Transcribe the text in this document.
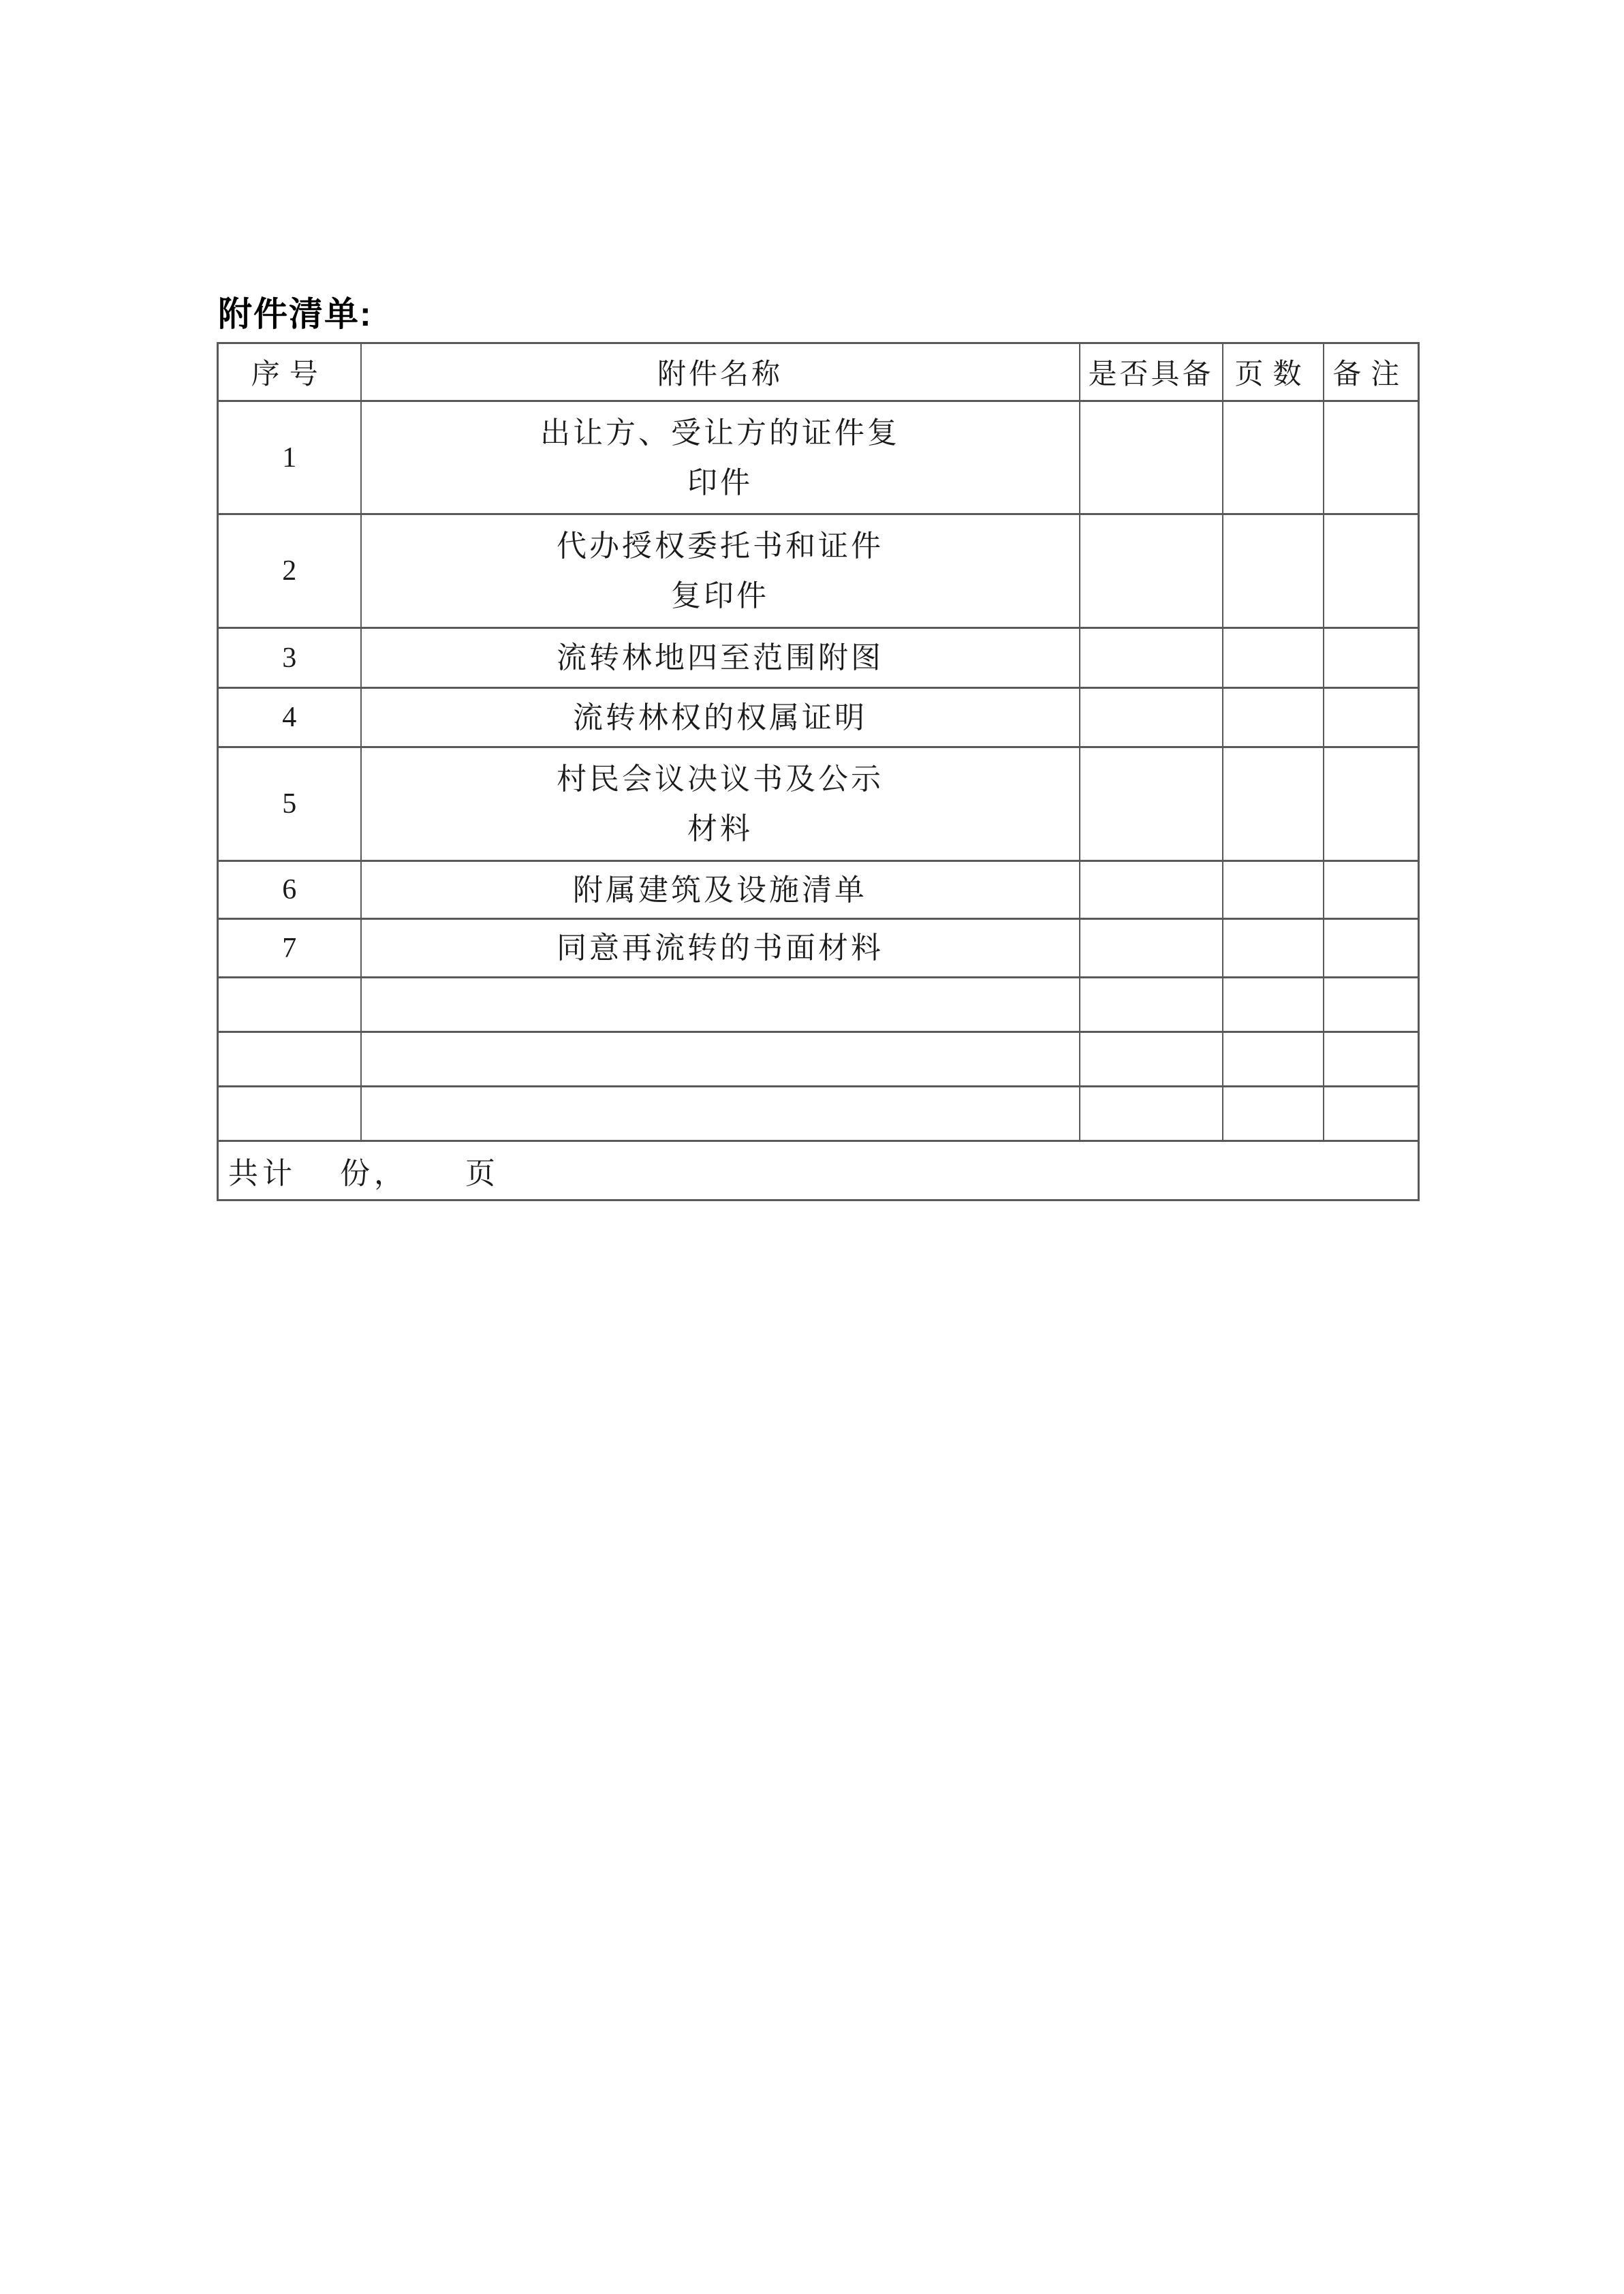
附件清单:
序号	附件名称	是否具备	页数	备注
1	出让方、受让方的证件复
印件			

2	代办授权委托书和证件
复印件			

3	流转林地四至范围附图			

4	流转林权的权属证明			

5	村民会议决议书及公示
材料			

6	附属建筑及设施清单			

7	同意再流转的书面材料			

共计 份， 页				
